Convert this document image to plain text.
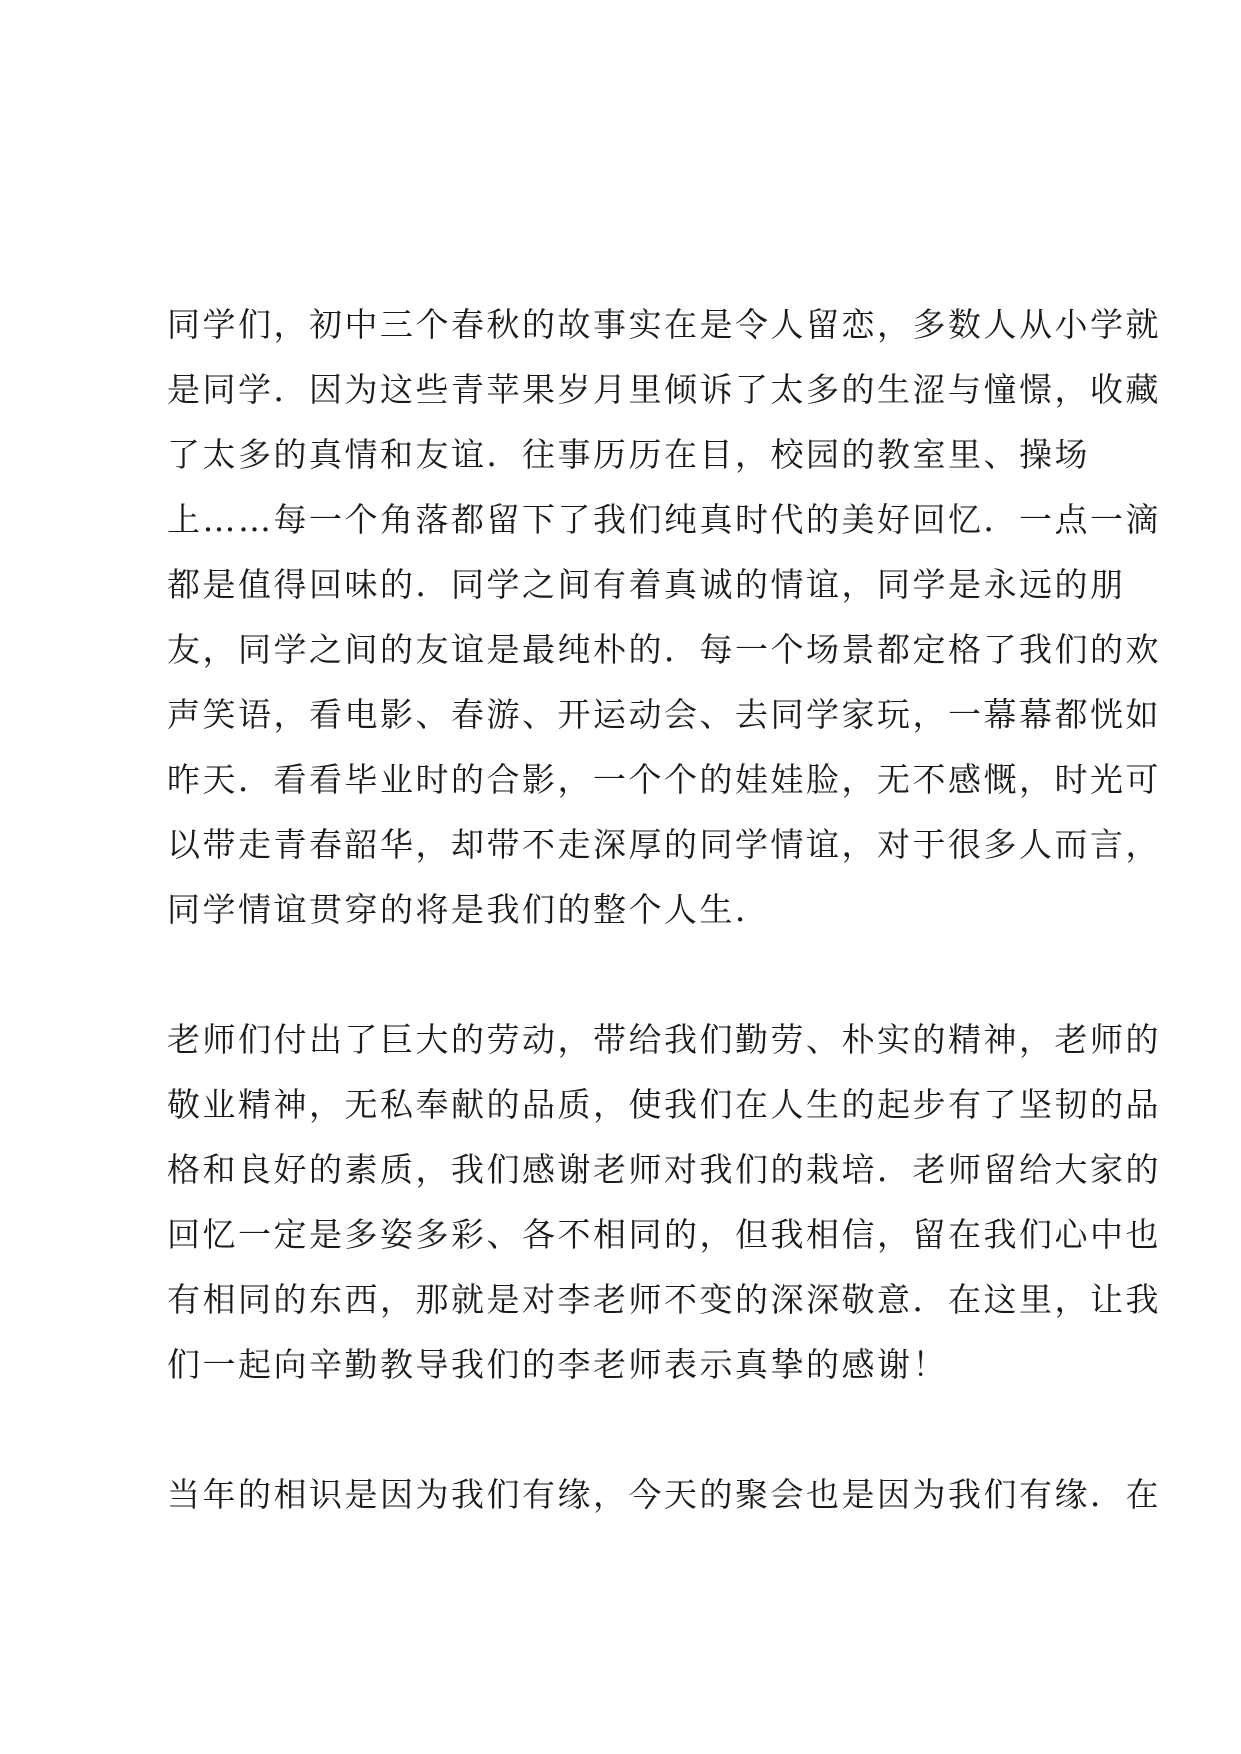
同学们，初中三个春秋的故事实在是令人留恋，多数人从小学就
是同学．因为这些青苹果岁月里倾诉了太多的生涩与憧憬，收藏
了太多的真情和友谊．往事历历在目，校园的教室里、操场
上……每一个角落都留下了我们纯真时代的美好回忆．一点一滴
都是值得回味的．同学之间有着真诚的情谊，同学是永远的朋
友，同学之间的友谊是最纯朴的．每一个场景都定格了我们的欢
声笑语，看电影、春游、开运动会、去同学家玩，一幕幕都恍如
昨天．看看毕业时的合影，一个个的娃娃脸，无不感慨，时光可
以带走青春韶华，却带不走深厚的同学情谊，对于很多人而言，
同学情谊贯穿的将是我们的整个人生．
老师们付出了巨大的劳动，带给我们勤劳、朴实的精神，老师的
敬业精神，无私奉献的品质，使我们在人生的起步有了坚韧的品
格和良好的素质，我们感谢老师对我们的栽培．老师留给大家的
回忆一定是多姿多彩、各不相同的，但我相信，留在我们心中也
有相同的东西，那就是对李老师不变的深深敬意．在这里，让我
们一起向辛勤教导我们的李老师表示真挚的感谢！
当年的相识是因为我们有缘，今天的聚会也是因为我们有缘．在
